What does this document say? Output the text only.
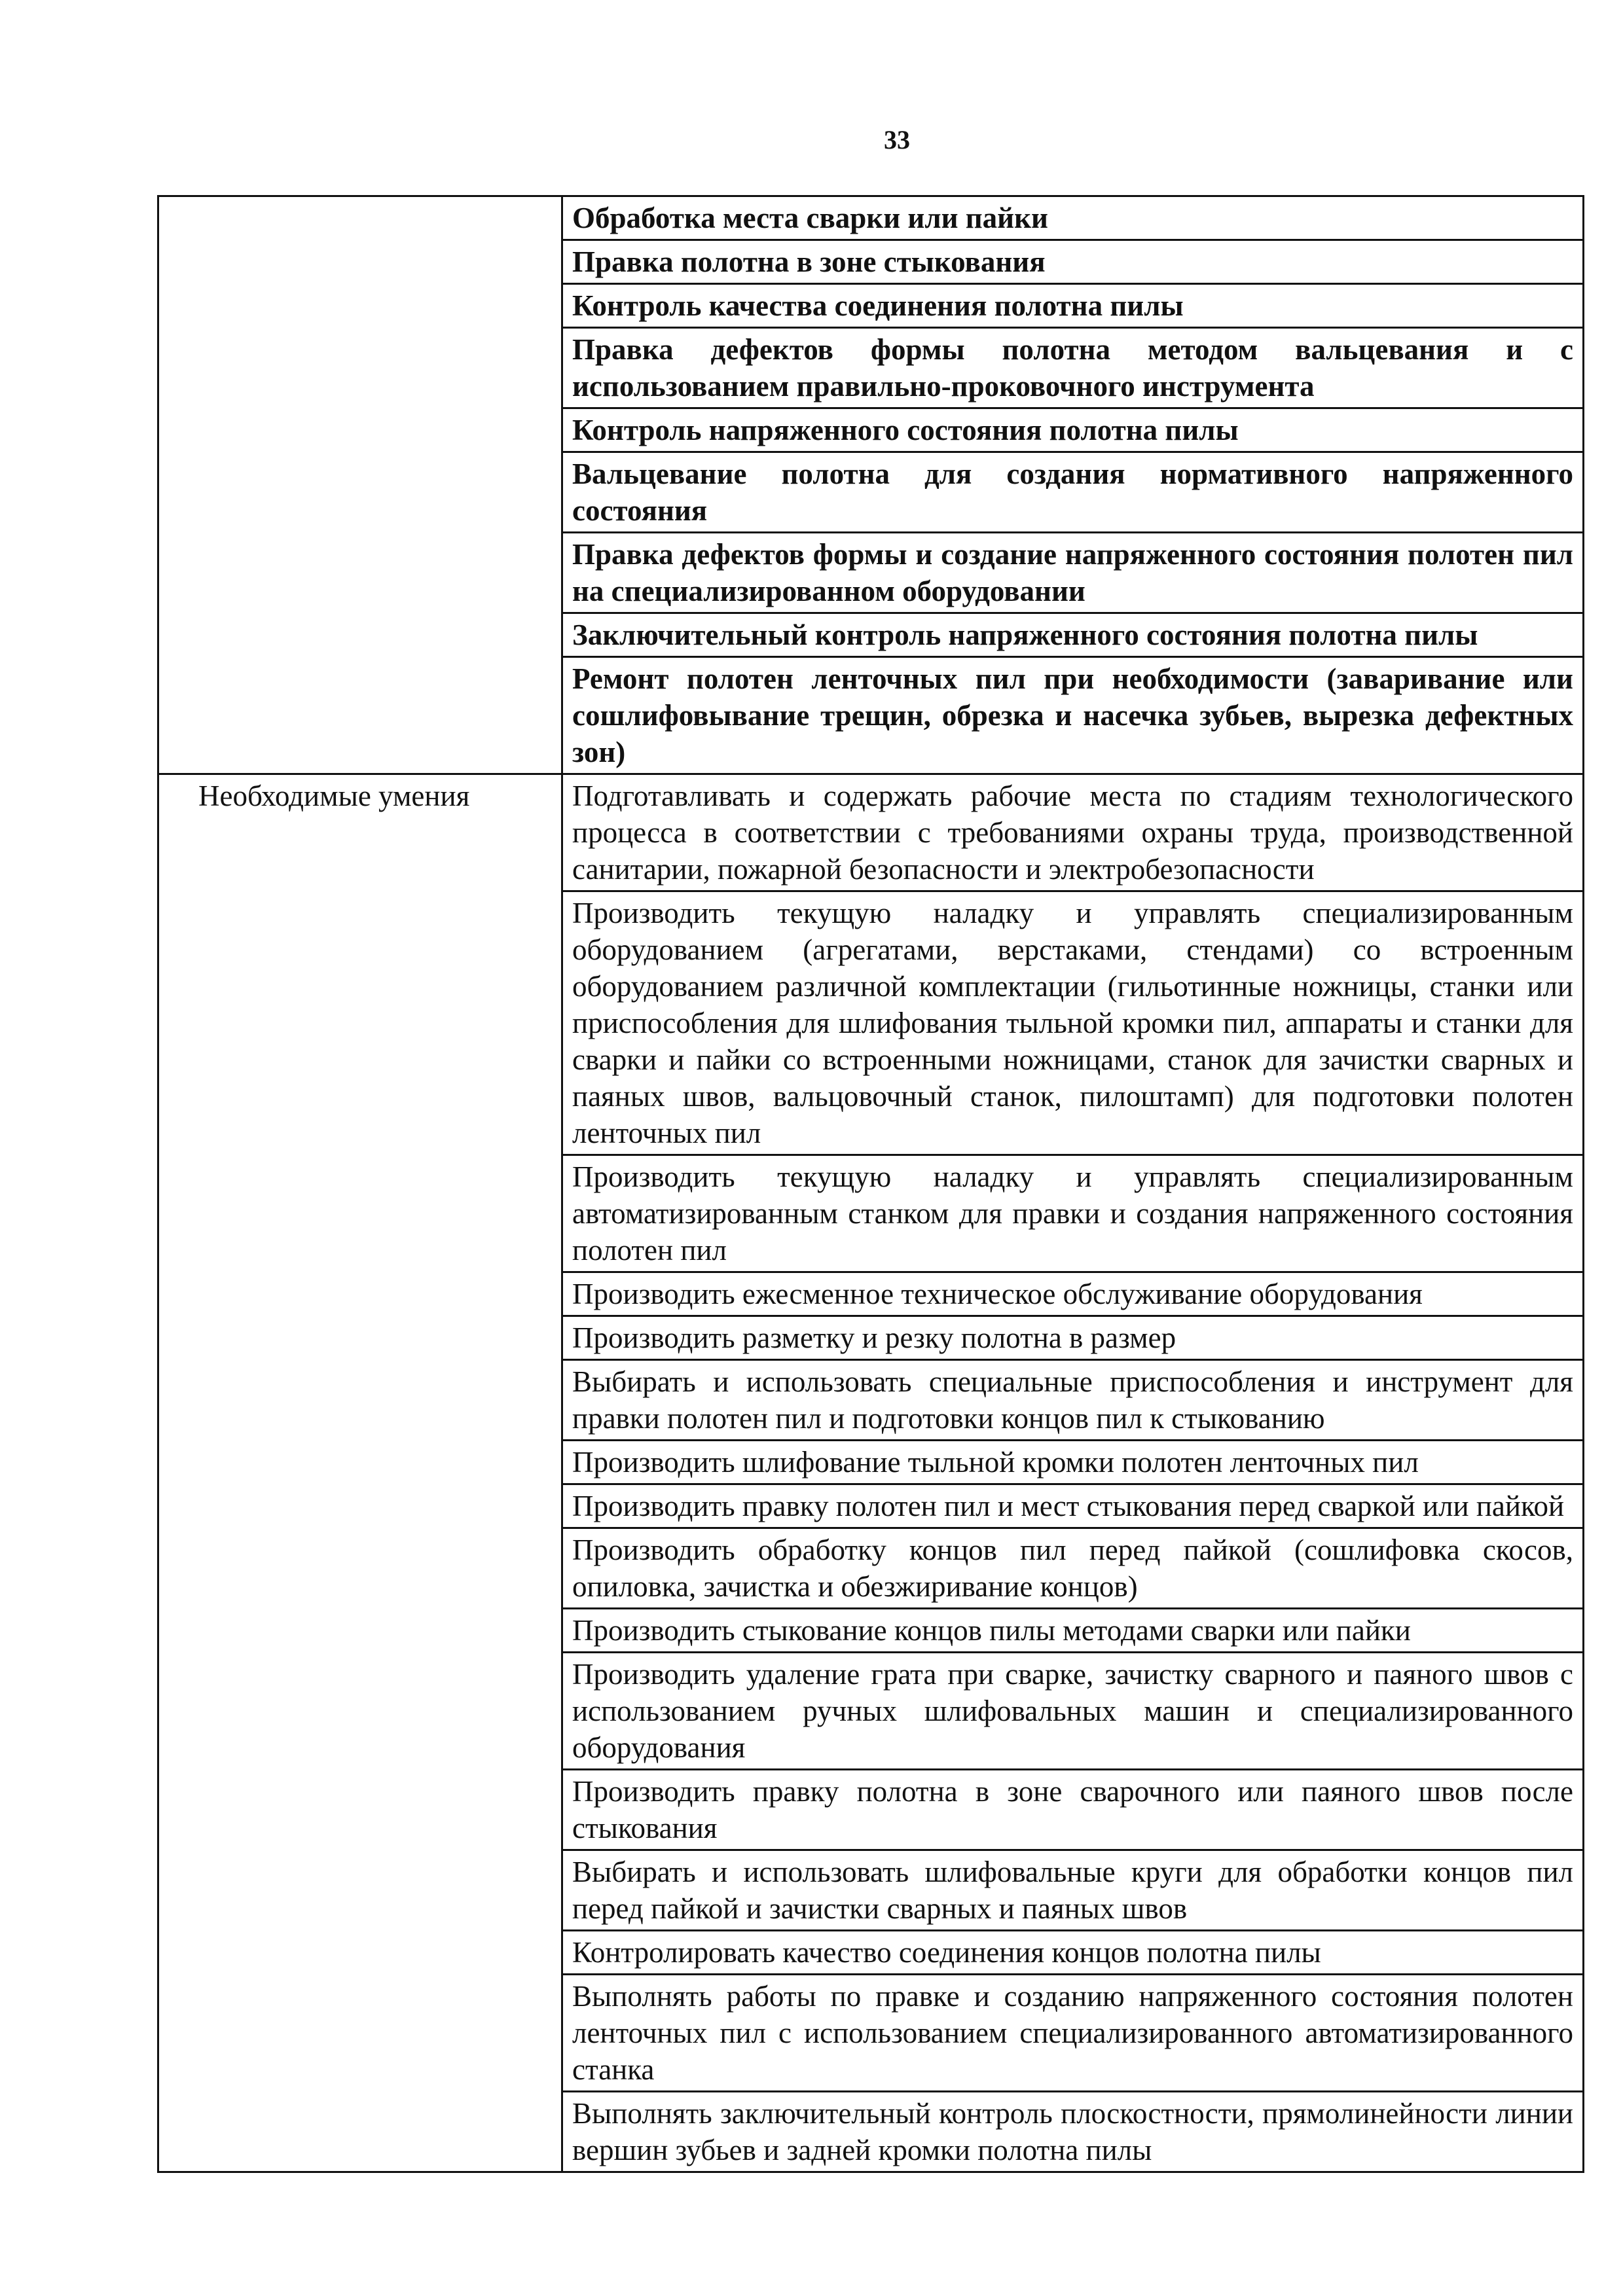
33
	Обработка места сварки или пайки
	Правка полотна в зоне стыкования
	Контроль качества соединения полотна пилы
	Правка дефектов формы полотна методом вальцевания и с использованием правильно-проковочного инструмента
	Контроль напряженного состояния полотна пилы
	Вальцевание полотна для создания нормативного напряженного состояния
	Правка дефектов формы и создание напряженного состояния полотен пил на специализированном оборудовании
	Заключительный контроль напряженного состояния полотна пилы
	Ремонт полотен ленточных пил при необходимости (заваривание или сошлифовывание трещин, обрезка и насечка зубьев, вырезка дефектных зон)
Необходимые умения	Подготавливать и содержать рабочие места по стадиям технологического процесса в соответствии с требованиями охраны труда, производственной санитарии, пожарной безопасности и электробезопасности
	Производить текущую наладку и управлять специализированным оборудованием (агрегатами, верстаками, стендами) со встроенным оборудованием различной комплектации (гильотинные ножницы, станки или приспособления для шлифования тыльной кромки пил, аппараты и станки для сварки и пайки со встроенными ножницами, станок для зачистки сварных и паяных швов, вальцовочный станок, пилоштамп) для подготовки полотен ленточных пил
	Производить текущую наладку и управлять специализированным автоматизированным станком для правки и создания напряженного состояния полотен пил
	Производить ежесменное техническое обслуживание оборудования
	Производить разметку и резку полотна в размер
	Выбирать и использовать специальные приспособления и инструмент для правки полотен пил и подготовки концов пил к стыкованию
	Производить шлифование тыльной кромки полотен ленточных пил
	Производить правку полотен пил и мест стыкования перед сваркой или пайкой
	Производить обработку концов пил перед пайкой (сошлифовка скосов, опиловка, зачистка и обезжиривание концов)
	Производить стыкование концов пилы методами сварки или пайки
	Производить удаление грата при сварке, зачистку сварного и паяного швов с использованием ручных шлифовальных машин и специализированного оборудования
	Производить правку полотна в зоне сварочного или паяного швов после стыкования
	Выбирать и использовать шлифовальные круги для обработки концов пил перед пайкой и зачистки сварных и паяных швов
	Контролировать качество соединения концов полотна пилы
	Выполнять работы по правке и созданию напряженного состояния полотен ленточных пил с использованием специализированного автоматизированного станка
	Выполнять заключительный контроль плоскостности, прямолинейности линии вершин зубьев и задней кромки полотна пилы
